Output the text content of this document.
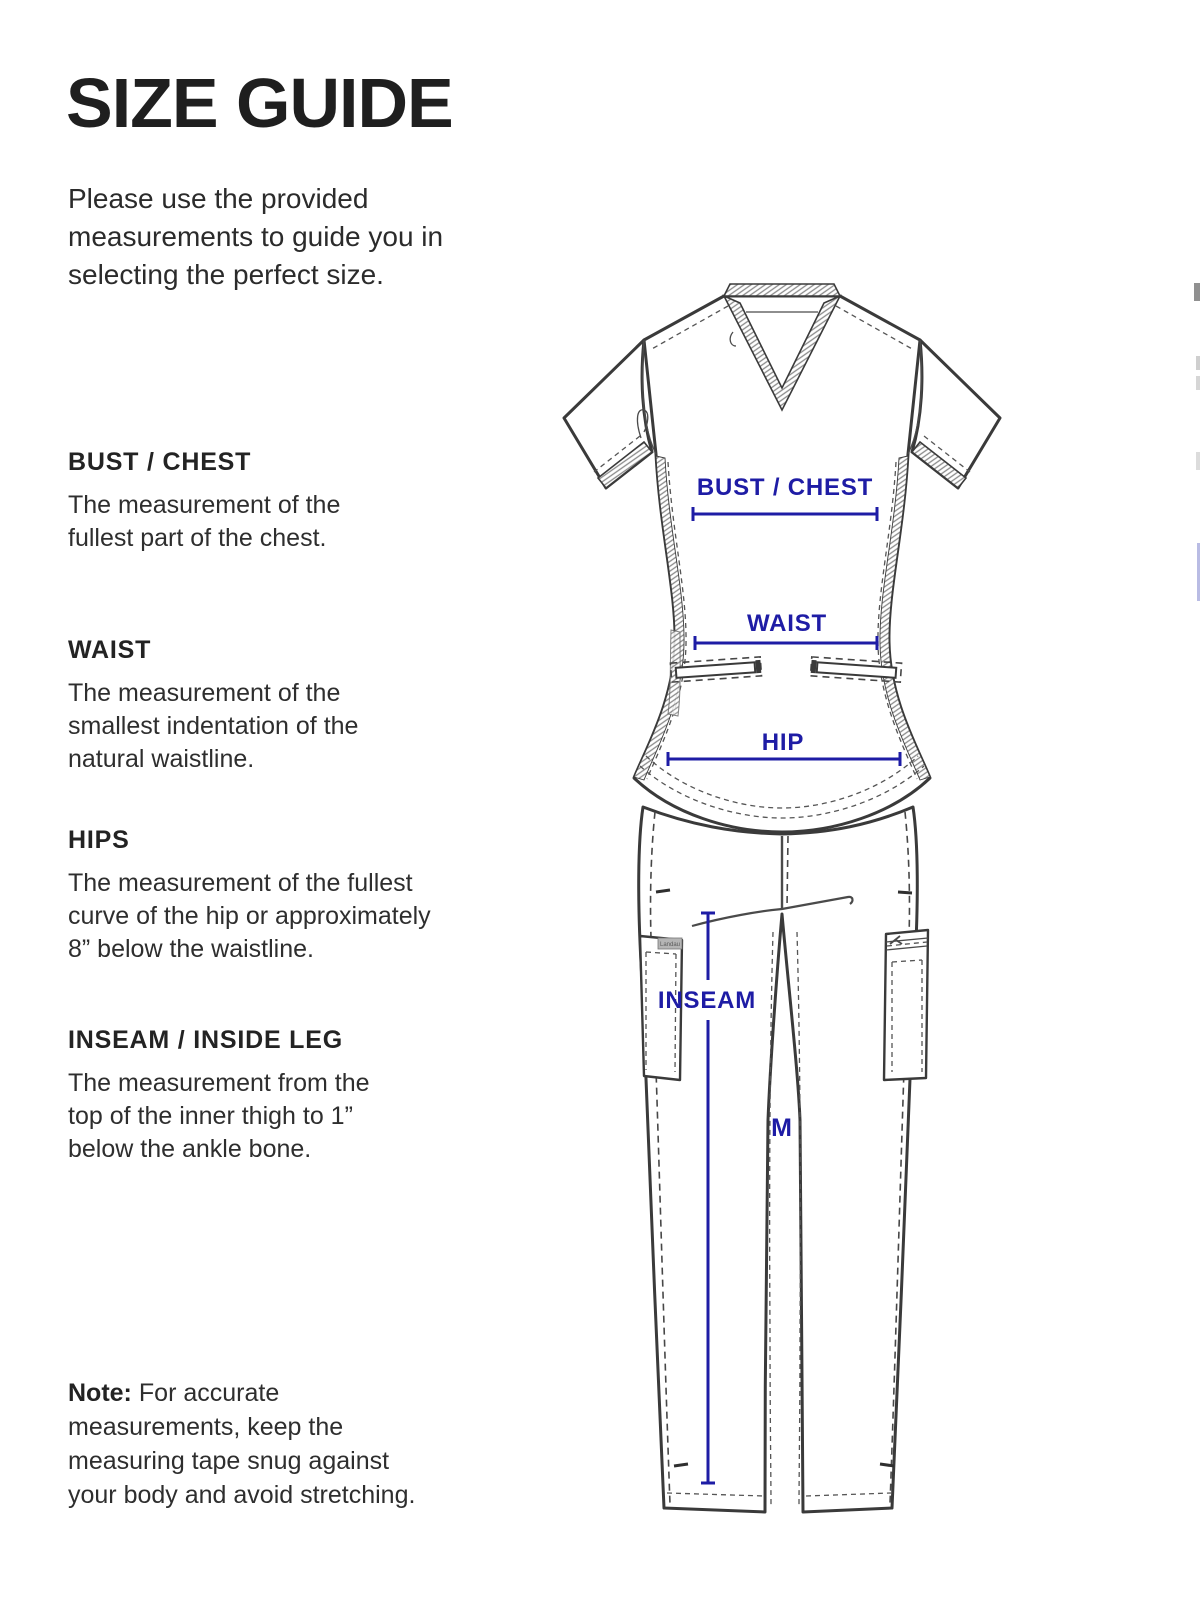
SIZE GUIDE

Please use the provided measurements to guide you in selecting the perfect size.

BUST / CHEST

The measurement of the fullest part of the chest.

WAIST

The measurement of the smallest indentation of the natural waistline.

HIPS

The measurement of the fullest curve of the hip or approximately 8” below the waistline.

INSEAM / INSIDE LEG

The measurement from the top of the inner thigh to 1” below the ankle bone.

Note: For accurate measurements, keep the measuring tape snug against your body and avoid stretching.

Landau
BUST / CHEST
WAIST
HIP
INSEAM
M
